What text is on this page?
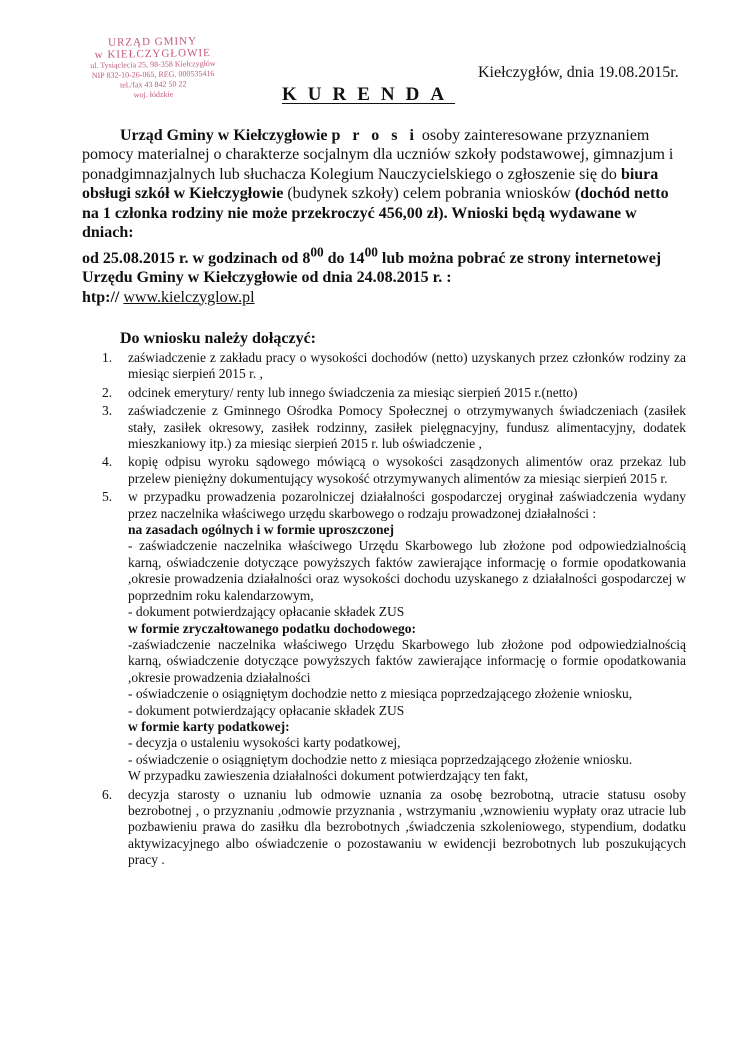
URZĄD GMINY
w KIEŁCZYGŁOWIE
ul. Tysiąclecia 25, 98-358 Kiełczygłów
NIP 832-10-26-065, REG. 000535416
tel./fax 43 842 50 22
woj. łódzkie
Kiełczygłów, dnia 19.08.2015r.
KURENDA
Urząd Gminy w Kiełczygłowie p r o s i osoby zainteresowane przyznaniem pomocy materialnej o charakterze socjalnym dla uczniów szkoły podstawowej, gimnazjum i ponadgimnazjalnych lub słuchacza Kolegium Nauczycielskiego o zgłoszenie się do biura obsługi szkół w Kiełczygłowie (budynek szkoły) celem pobrania wniosków (dochód netto na 1 członka rodziny nie może przekroczyć 456,00 zł). Wnioski będą wydawane w dniach:
od 25.08.2015 r. w godzinach od $8^{00}$ do $14^{00}$ lub można pobrać ze strony internetowej Urzędu Gminy w Kiełczygłowie od dnia 24.08.2015 r. :
htp:// www.kielczyglow.pl
Do wniosku należy dołączyć:
1.	zaświadczenie z zakładu pracy o wysokości dochodów (netto) uzyskanych przez członków rodziny za miesiąc sierpień 2015 r. ,
2.	odcinek emerytury/ renty lub innego świadczenia za miesiąc sierpień 2015 r.(netto)
3.	zaświadczenie z Gminnego Ośrodka Pomocy Społecznej o otrzymywanych świadczeniach (zasiłek stały, zasiłek okresowy, zasiłek rodzinny, zasiłek pielęgnacyjny, fundusz alimentacyjny, dodatek mieszkaniowy itp.) za miesiąc sierpień 2015 r. lub oświadczenie ,
4.	kopię odpisu wyroku sądowego mówiącą o wysokości zasądzonych alimentów oraz przekaz lub przelew pieniężny dokumentujący wysokość otrzymywanych alimentów za miesiąc sierpień 2015 r.
5.	w przypadku prowadzenia pozarolniczej działalności gospodarczej oryginał zaświadczenia wydany przez naczelnika właściwego urzędu skarbowego o rodzaju prowadzonej działalności :
na zasadach ogólnych i w formie uproszczonej
- zaświadczenie naczelnika właściwego Urzędu Skarbowego lub złożone pod odpowiedzialnością karną, oświadczenie dotyczące powyższych faktów zawierające informację o formie opodatkowania ,okresie prowadzenia działalności oraz wysokości dochodu uzyskanego z działalności gospodarczej w poprzednim roku kalendarzowym,
- dokument potwierdzający opłacanie składek ZUS
w formie zryczałtowanego podatku dochodowego:
-zaświadczenie naczelnika właściwego Urzędu Skarbowego lub złożone pod odpowiedzialnością karną, oświadczenie dotyczące powyższych faktów zawierające informację o formie opodatkowania ,okresie prowadzenia działalności
- oświadczenie o osiągniętym dochodzie netto z miesiąca poprzedzającego złożenie wniosku,
- dokument potwierdzający opłacanie składek ZUS
w formie karty podatkowej:
- decyzja o ustaleniu wysokości karty podatkowej,
- oświadczenie o osiągniętym dochodzie netto z miesiąca poprzedzającego złożenie wniosku.
W przypadku zawieszenia działalności dokument potwierdzający ten fakt,
6.	decyzja starosty o uznaniu lub odmowie uznania za osobę bezrobotną, utracie statusu osoby bezrobotnej , o przyznaniu ,odmowie przyznania , wstrzymaniu ,wznowieniu wypłaty oraz utracie lub pozbawieniu prawa do zasiłku dla bezrobotnych ,świadczenia szkoleniowego, stypendium, dodatku aktywizacyjnego albo oświadczenie o pozostawaniu w ewidencji bezrobotnych lub poszukujących pracy .
